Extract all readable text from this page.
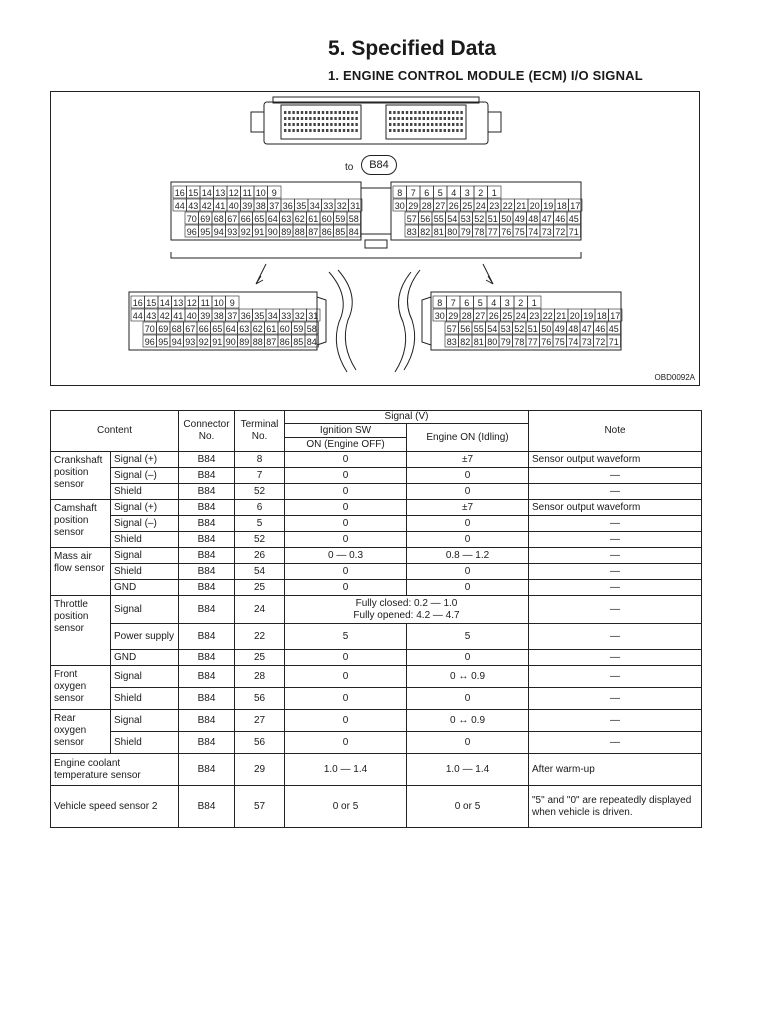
5. Specified Data
1. ENGINE CONTROL MODULE (ECM) I/O SIGNAL
16 15 14 13 12 11 10 9
44 43 42 41 40 39 38 37 36 35 34 33 32 31
70 69 68 67 66 65 64 63 62 61 60 59 58
96 95 94 93 92 91 90 89 88 87 86 85 84
8 7 6 5 4 3 2 1
30 29 28 27 26 25 24 23 22 21 20 19 18 17
57 56 55 54 53 52 51 50 49 48 47 46 45
83 82 81 80 79 78 77 76 75 74 73 72 71
16 15 14 13 12 11 10 9
44 43 42 41 40 39 38 37 36 35 34 33 32 31
70 69 68 67 66 65 64 63 62 61 60 59 58
96 95 94 93 92 91 90 89 88 87 86 85 84
8 7 6 5 4 3 2 1
30 29 28 27 26 25 24 23 22 21 20 19 18 17
57 56 55 54 53 52 51 50 49 48 47 46 45
83 82 81 80 79 78 77 76 75 74 73 72 71
to	B84
OBD0092A
Content		Connector No.	Terminal No.	Signal (V)		Note
				Ignition SW	Engine ON (Idling)	
				ON (Engine OFF)		
Crankshaft position sensor	Signal (+)	B84	8	0	±7	Sensor output waveform
	Signal (–)	B84	7	0	0	—
	Shield	B84	52	0	0	—
Camshaft position sensor	Signal (+)	B84	6	0	±7	Sensor output waveform
	Signal (–)	B84	5	0	0	—
	Shield	B84	52	0	0	—
Mass air flow sensor	Signal	B84	26	0 — 0.3	0.8 — 1.2	—
	Shield	B84	54	0	0	—
	GND	B84	25	0	0	—
Throttle position sensor	Signal	B84	24	Fully closed: 0.2 — 1.0
Fully opened: 4.2 — 4.7		—
	Power supply	B84	22	5	5	—
	GND	B84	25	0	0	—
Front oxygen sensor	Signal	B84	28	0	0 ↔ 0.9	—
	Shield	B84	56	0	0	—
Rear oxygen sensor	Signal	B84	27	0	0 ↔ 0.9	—
	Shield	B84	56	0	0	—
Engine coolant temperature sensor		B84	29	1.0 — 1.4	1.0 — 1.4	After warm-up
Vehicle speed sensor 2		B84	57	0 or 5	0 or 5	"5" and "0" are repeatedly displayed when vehicle is driven.
